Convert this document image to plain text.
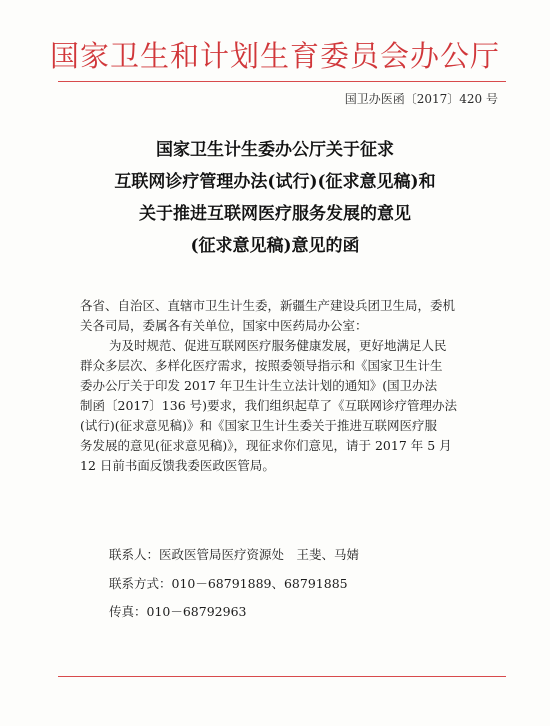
国家卫生和计划生育委员会办公厅
国卫办医函〔2017〕420 号
国家卫生计生委办公厅关于征求
互联网诊疗管理办法(试行)(征求意见稿)和
关于推进互联网医疗服务发展的意见
(征求意见稿)意见的函
各省、自治区、直辖市卫生计生委，新疆生产建设兵团卫生局，委机
关各司局，委属各有关单位，国家中医药局办公室：
为及时规范、促进互联网医疗服务健康发展，更好地满足人民
群众多层次、多样化医疗需求，按照委领导指示和《国家卫生计生
委办公厅关于印发 2017 年卫生计生立法计划的通知》(国卫办法
制函〔2017〕136 号)要求，我们组织起草了《互联网诊疗管理办法
(试行)(征求意见稿)》和《国家卫生计生委关于推进互联网医疗服
务发展的意见(征求意见稿)》，现征求你们意见，请于 2017 年 5 月
12 日前书面反馈我委医政医管局。
联系人：医政医管局医疗资源处　王斐、马婧
联系方式：010－68791889、68791885
传真：010－68792963
